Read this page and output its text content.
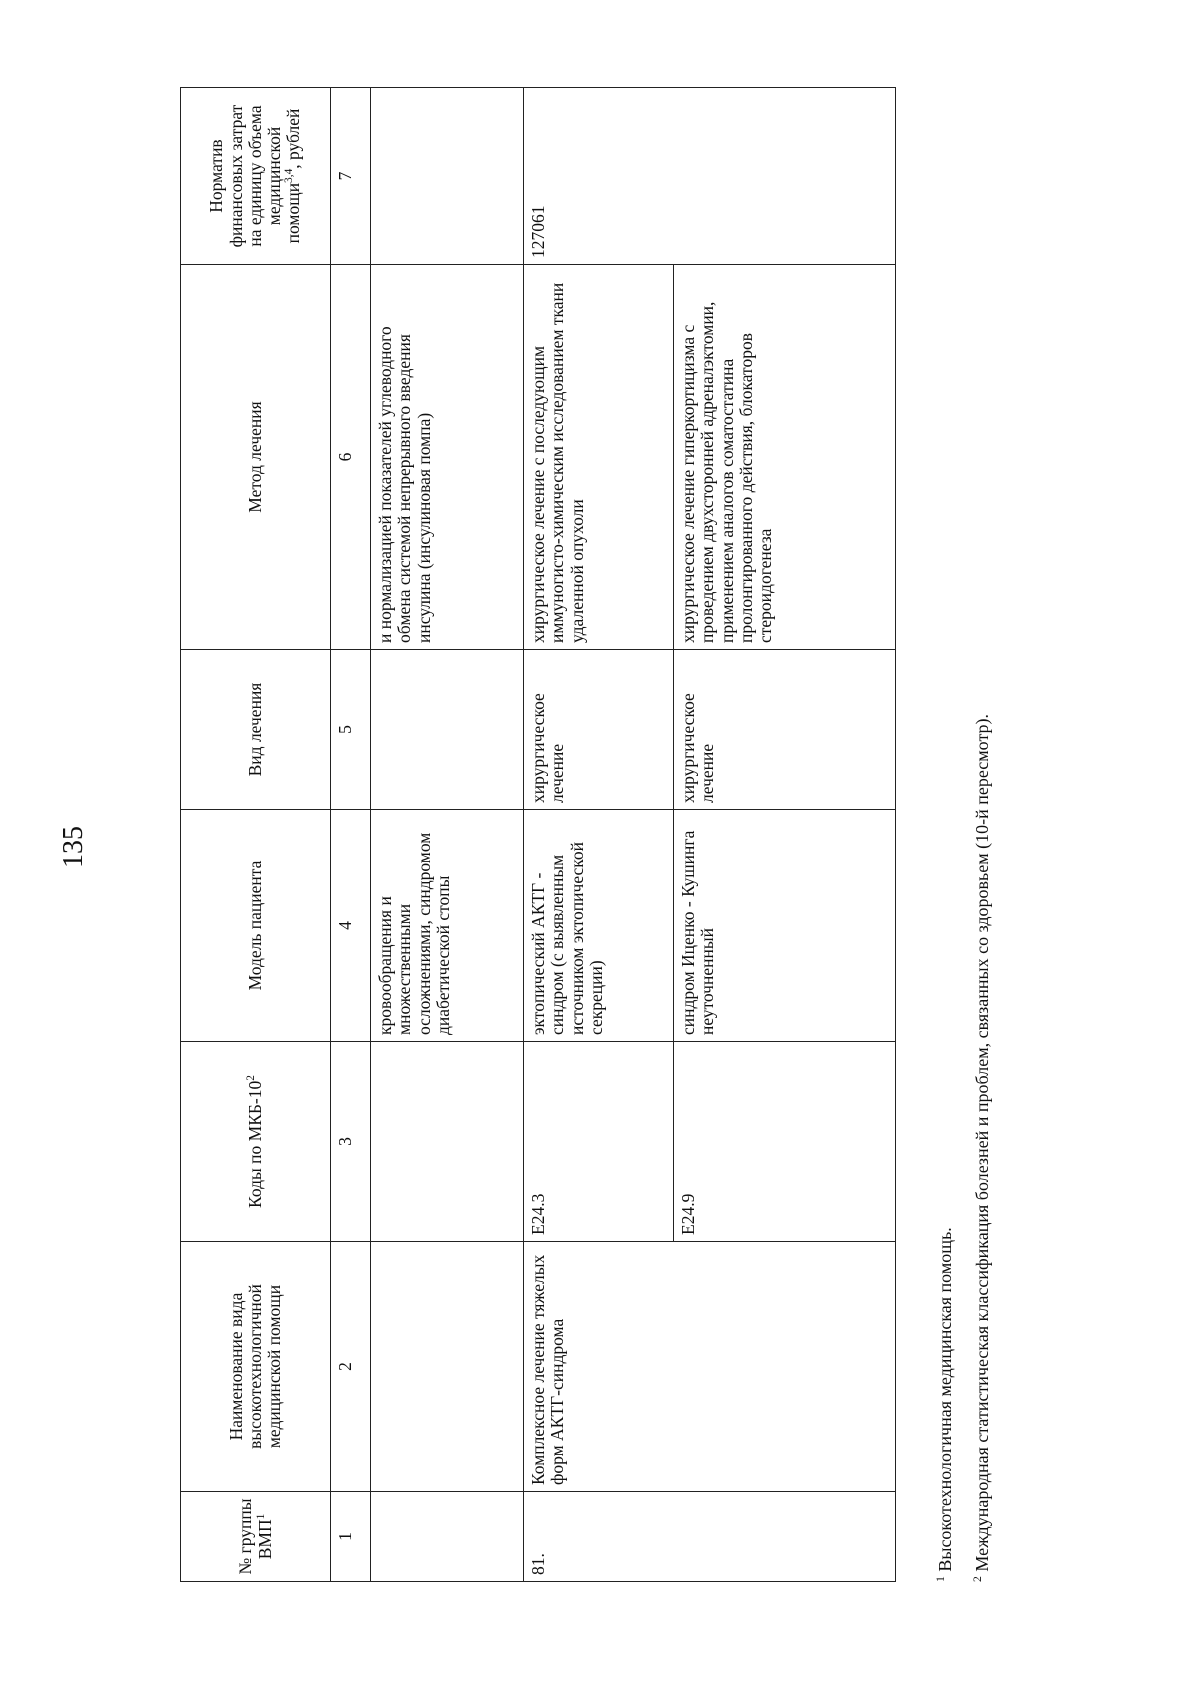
135
№ группы ВМП$^1$	Наименование вида высокотехнологичной медицинской помощи	Коды по МКБ-$10^2$	Модель пациента	Вид лечения	Метод лечения	Норматив финансовых затрат на единицу объема медицинской помощи$^{3,4}$, рублей
1	2	3	4	5	6	7
			кровообращения и множественными осложнениями, синдромом диабетической стопы		и нормализацией показателей углеводного обмена системой непрерывного введения инсулина (инсулиновая помпа)	
81.	Комплексное лечение тяжелых форм АКТГ-синдрома	E24.3	эктопический АКТГ - синдром (с выявленным источником эктопической секреции)	хирургическое лечение	хирургическое лечение с последующим иммуногисто-химическим исследованием ткани удаленной опухоли	127061
		E24.9	синдром Иценко - Кушинга неуточненный	хирургическое лечение	хирургическое лечение гиперкортицизма с проведением двухсторонней адреналэктомии, применением аналогов соматостатина пролонгированного действия, блокаторов стероидогенеза	
$^1$ Высокотехнологичная медицинская помощь.
$^2$ Международная статистическая классификация болезней и проблем, связанных со здоровьем (10-й пересмотр).
